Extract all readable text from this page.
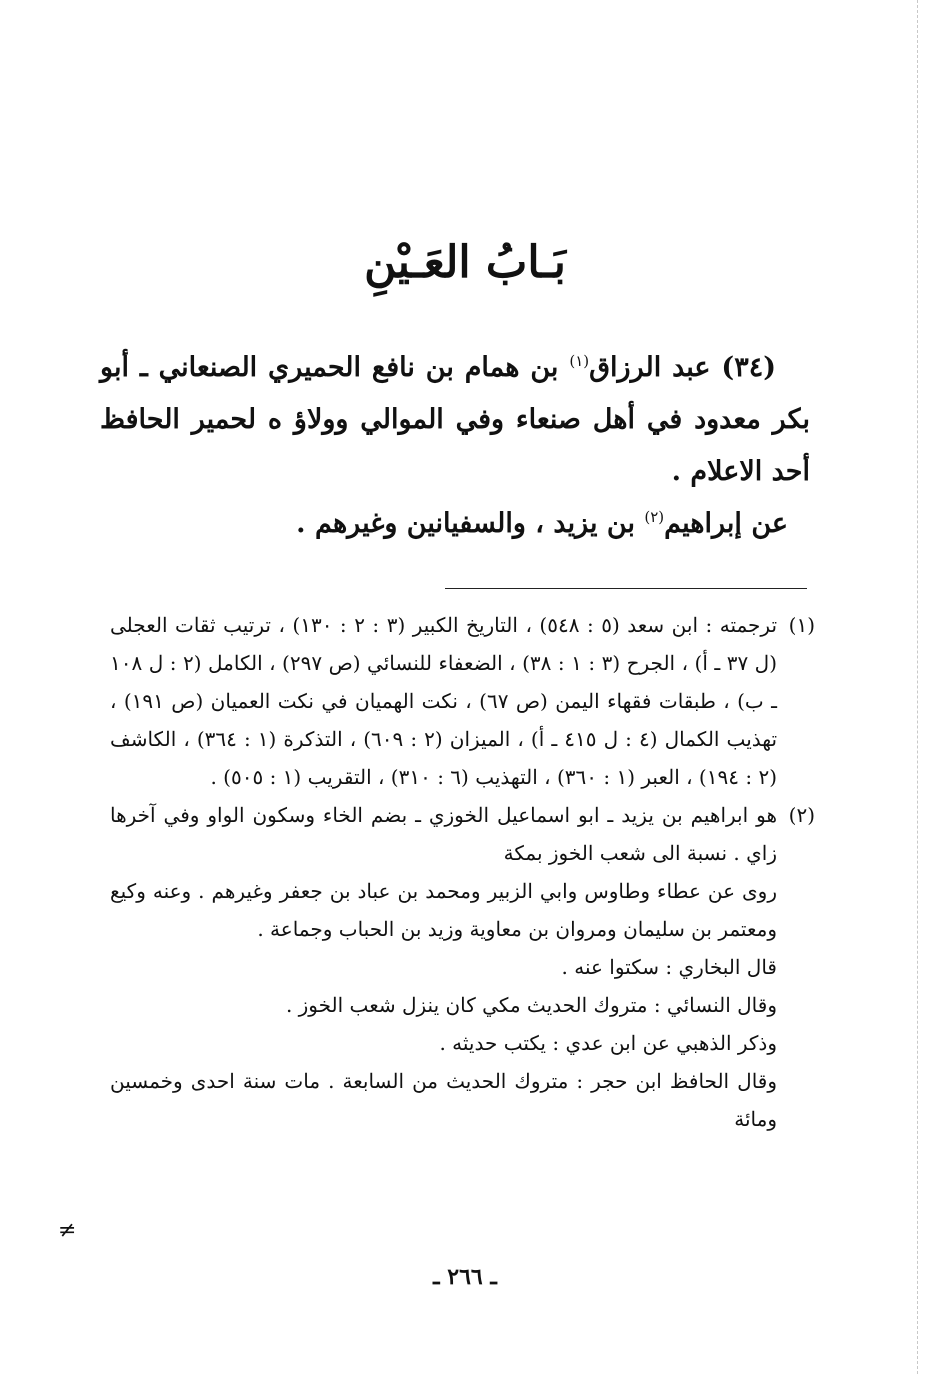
بَـابُ العَـيْنِ

(٣٤) عبد الرزاق$^{(١)}$ بن همام بن نافع الحميري الصنعاني ـ أبو بكر معدود في أهل صنعاء وفي الموالي وولاؤ ه لحمير الحافظ أحد الاعلام .

عن إبراهيم$^{(٢)}$ بن يزيد ، والسفيانين وغيرهم .

(١)

ترجمته : ابن سعد (٥ : ٥٤٨) ، التاريخ الكبير (٣ : ٢ : ١٣٠) ، ترتيب ثقات العجلى (ل ٣٧ ـ أ) ، الجرح (٣ : ١ : ٣٨) ، الضعفاء للنسائي (ص ٢٩٧) ، الكامل (٢ : ل ١٠٨ ـ ب) ، طبقات فقهاء اليمن (ص ٦٧) ، نكت الهميان في نكت العميان (ص ١٩١) ، تهذيب الكمال (٤ : ل ٤١٥ ـ أ) ، الميزان (٢ : ٦٠٩) ، التذكرة (١ : ٣٦٤) ، الكاشف (٢ : ١٩٤) ، العبر (١ : ٣٦٠) ، التهذيب (٦ : ٣١٠) ، التقريب (١ : ٥٠٥) .

(٢)

هو ابراهيم بن يزيد ـ ابو اسماعيل الخوزي ـ بضم الخاء وسكون الواو وفي آخرها زاي . نسبة الى شعب الخوز بمكة

روى عن عطاء وطاوس وابي الزبير ومحمد بن عباد بن جعفر وغيرهم . وعنه وكيع ومعتمر بن سليمان ومروان بن معاوية وزيد بن الحباب وجماعة .

قال البخاري : سكتوا عنه .

وقال النسائي : متروك الحديث مكي كان ينزل شعب الخوز .

وذكر الذهبي عن ابن عدي : يكتب حديثه .

وقال الحافظ ابن حجر : متروك الحديث من السابعة . مات سنة احدى وخمسين ومائة

≠
ـ ٢٦٦ ـ
